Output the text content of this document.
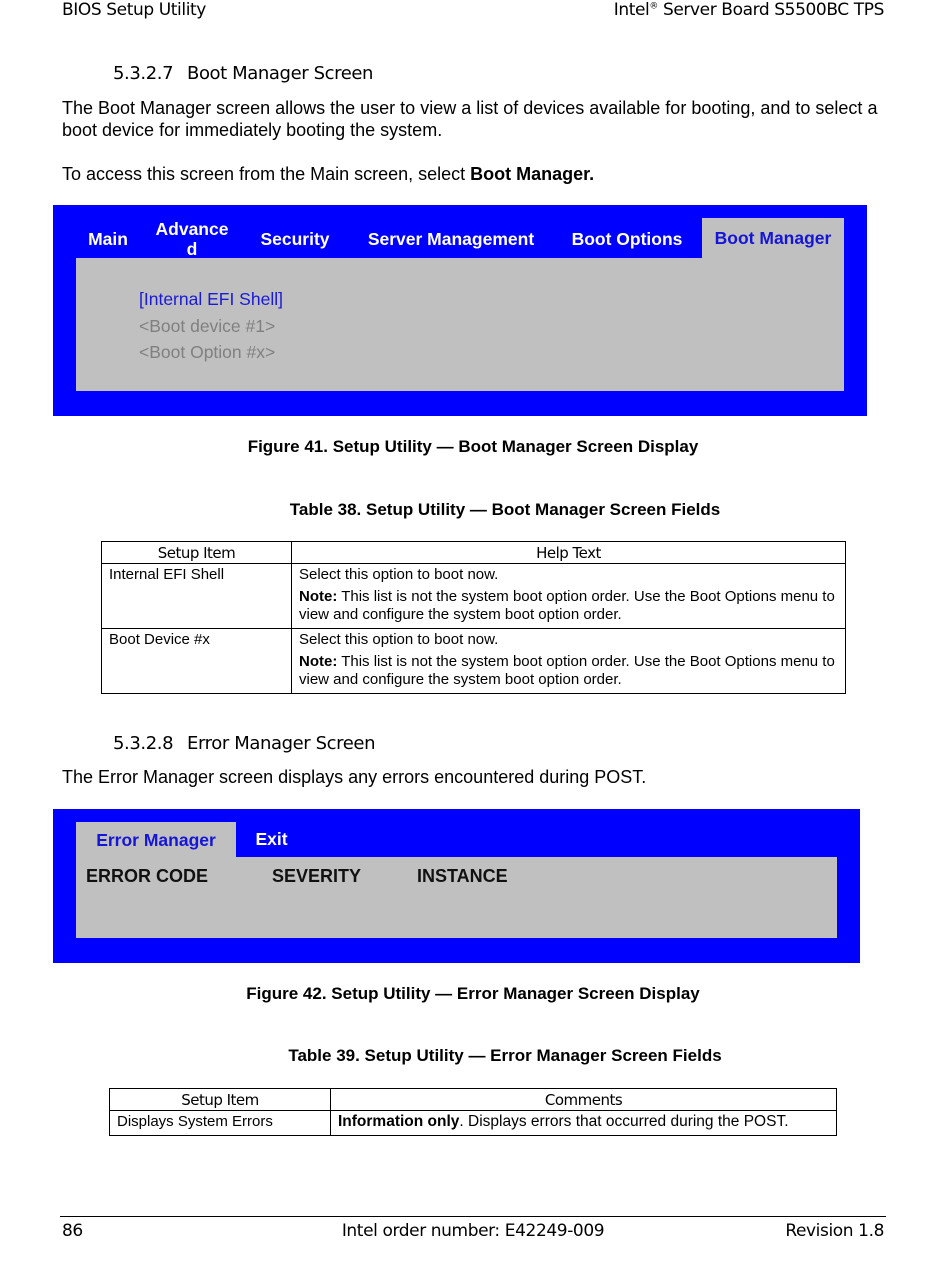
BIOS Setup Utility	Intel® Server Board S5500BC TPS
5.3.2.7 Boot Manager Screen
The Boot Manager screen allows the user to view a list of devices available for booting, and to select a boot device for immediately booting the system.
To access this screen from the Main screen, select Boot Manager.
Main	Advance d	Security	Server Management	Boot Options	Boot Manager
[Internal EFI Shell]
<Boot device #1>
<Boot Option #x>
Figure 41. Setup Utility — Boot Manager Screen Display
Table 38. Setup Utility — Boot Manager Screen Fields
Setup Item	Help Text
Internal EFI Shell	Select this option to boot now.

Note: This list is not the system boot option order. Use the Boot Options menu to view and configure the system boot option order.

Boot Device #x	Select this option to boot now.

Note: This list is not the system boot option order. Use the Boot Options menu to view and configure the system boot option order.

5.3.2.8 Error Manager Screen
The Error Manager screen displays any errors encountered during POST.
Error Manager	Exit
ERROR CODE	SEVERITY	INSTANCE
Figure 42. Setup Utility — Error Manager Screen Display
Table 39. Setup Utility — Error Manager Screen Fields
Setup Item	Comments
Displays System Errors	Information only. Displays errors that occurred during the POST.
86	Intel order number: E42249-009	Revision 1.8
